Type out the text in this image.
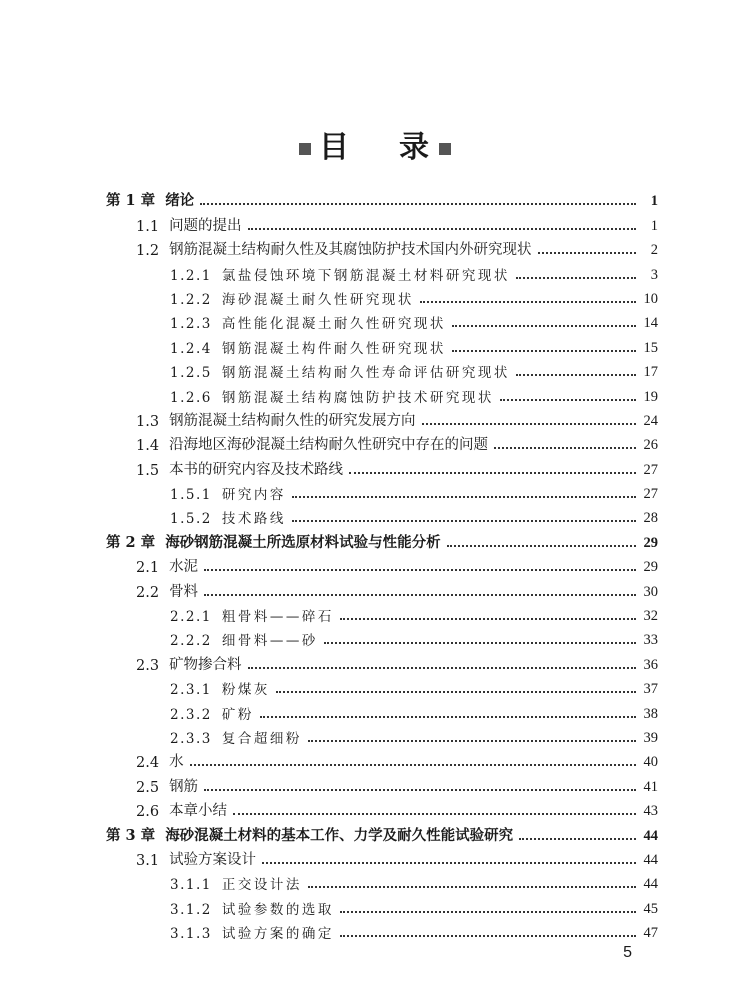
目 录
第 1 章 绪论	1
1.1 问题的提出	1
1.2 钢筋混凝土结构耐久性及其腐蚀防护技术国内外研究现状	2
1.2.1 氯盐侵蚀环境下钢筋混凝土材料研究现状	3
1.2.2 海砂混凝土耐久性研究现状	10
1.2.3 高性能化混凝土耐久性研究现状	14
1.2.4 钢筋混凝土构件耐久性研究现状	15
1.2.5 钢筋混凝土结构耐久性寿命评估研究现状	17
1.2.6 钢筋混凝土结构腐蚀防护技术研究现状	19
1.3 钢筋混凝土结构耐久性的研究发展方向	24
1.4 沿海地区海砂混凝土结构耐久性研究中存在的问题	26
1.5 本书的研究内容及技术路线	27
1.5.1 研究内容	27
1.5.2 技术路线	28
第 2 章 海砂钢筋混凝土所选原材料试验与性能分析	29
2.1 水泥	29
2.2 骨料	30
2.2.1 粗骨料——碎石	32
2.2.2 细骨料——砂	33
2.3 矿物掺合料	36
2.3.1 粉煤灰	37
2.3.2 矿粉	38
2.3.3 复合超细粉	39
2.4 水	40
2.5 钢筋	41
2.6 本章小结	43
第 3 章 海砂混凝土材料的基本工作、力学及耐久性能试验研究	44
3.1 试验方案设计	44
3.1.1 正交设计法	44
3.1.2 试验参数的选取	45
3.1.3 试验方案的确定	47
5
